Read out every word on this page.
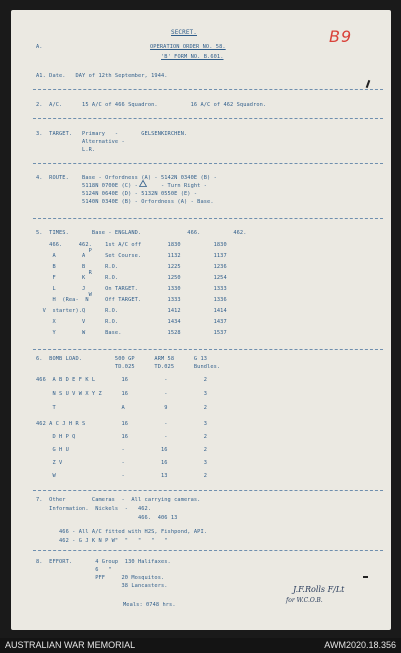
B9
SECRET.
A.	OPERATION ORDER NO. 58.
'B' FORM NO. B.601.
A1. Date.   DAY of 12th September, 1944.
2.  A/C.      15 A/C of 466 Squadron.          16 A/C of 462 Squadron.
3.  TARGET.   Primary   -       GELSENKIRCHEN.
Alternative -
L.R.
4.  ROUTE.    Base - Orfordness (A) - 5142N 0340E (B) -
5118N 0700E (C) -       - Turn Right -
5124N 0640E (D) - 5132N 0550E (E) -
5140N 0340E (B) - Orfordness (A) - Base.
5.  TIMES.       Base - ENGLAND.              466.          462.
466.     462.    1st A/C off        1830          1830
A        A      Set Course.        1132          1137
B        B      R.O.               1225          1236
F        K      R.O.               1250          1254
L        J      On TARGET.         1330          1333
H  (Rea-  N     Off TARGET.        1333          1336
V  starter).Q      R.O.               1412          1414
X        V      R.O.               1434          1437
Y        W      Base.              1528          1537
P
R
W
6.  BOMB LOAD.          500 GP      ARM 58      G 13
TD.025      TD.025      Bundles.
466  A B D E F K L        16           -           2
N S U V W X Y Z      16           -           3
T                    A            9           2
462 A C J H R S           16           -           3
D H P Q              16           -           2
G H U                -           16           2
Z V                  -           16           3
W                    -           13           2
7.  Other        Cameras  -  All carrying cameras.
Information.  Nickels  -   462.
466.  406 13
466 - All A/C fitted with H2S, Fishpond, API.
462 - G J K N P W"  "   "   "   "
8.  EFFORT.       4 Group  130 Halifaxes.
6   "
PFF     20 Mosquitos.
38 Lancasters.
Meals: 0748 hrs.
J.F.Rolls F/Lt
for W.C.O.B.
AUSTRALIAN WAR MEMORIAL	AWM2020.18.356
